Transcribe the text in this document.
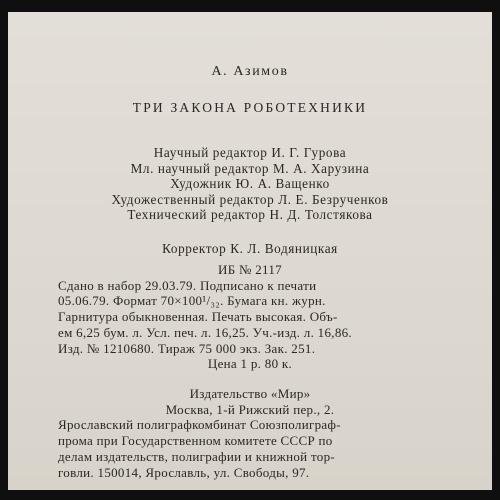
А. Азимов
ТРИ ЗАКОНА РОБОТЕХНИКИ
Научный редактор И. Г. Гурова
Мл. научный редактор М. А. Харузина
Художник Ю. А. Ващенко
Художественный редактор Л. Е. Безрученков
Технический редактор Н. Д. Толстякова
Корректор К. Л. Водяницкая
ИБ № 2117
Сдано в набор 29.03.79. Подписано к печати
05.06.79. Формат 70×100¹/₃₂. Бумага кн. журн.
Гарнитура обыкновенная. Печать высокая. Объ-
ем 6,25 бум. л. Усл. печ. л. 16,25. Уч.-изд. л. 16,86.
Изд. № 1210680. Тираж 75 000 экз. Зак. 251.
Цена 1 р. 80 к.
Издательство «Мир»
Москва, 1-й Рижский пер., 2.
Ярославский полиграфкомбинат Союзполиграф-
прома при Государственном комитете СССР по
делам издательств, полиграфии и книжной тор-
говли. 150014, Ярославль, ул. Свободы, 97.
